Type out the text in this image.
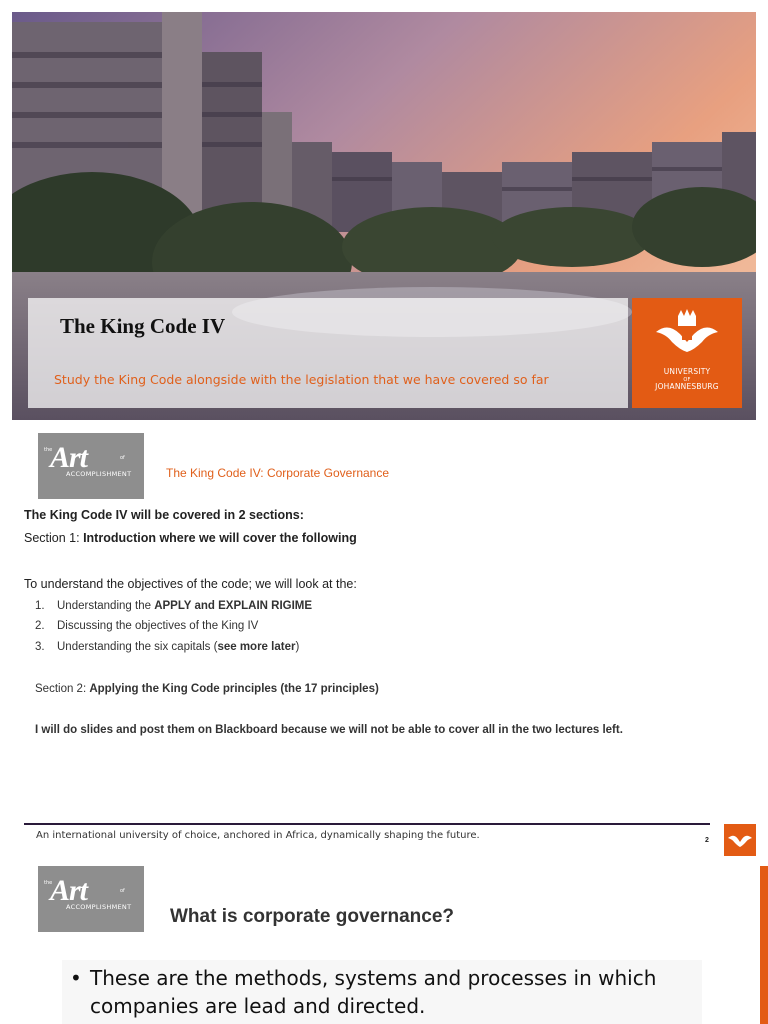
The King Code IV

Study the King Code alongside with the legislation that we have covered so far

UNIVERSITY
OF
JOHANNESBURG
the
Art	of
ACCOMPLISHMENT	The King Code IV: Corporate Governance

The King Code IV will be covered in 2 sections:

Section 1: Introduction where we will cover the following

To understand the objectives of the code; we will look at the:

1. Understanding the APPLY and EXPLAIN RIGIME

2. Discussing the objectives of the King IV

3. Understanding the six capitals (see more later)

Section 2: Applying the King Code principles (the 17 principles)

I will do slides and post them on Blackboard because we will not be able to cover all in the two lectures left.

An international university of choice, anchored in Africa, dynamically shaping the future.	2

the
Art	of
ACCOMPLISHMENT What is corporate governance?

• These are the methods, systems and processes in which companies are lead and directed.
